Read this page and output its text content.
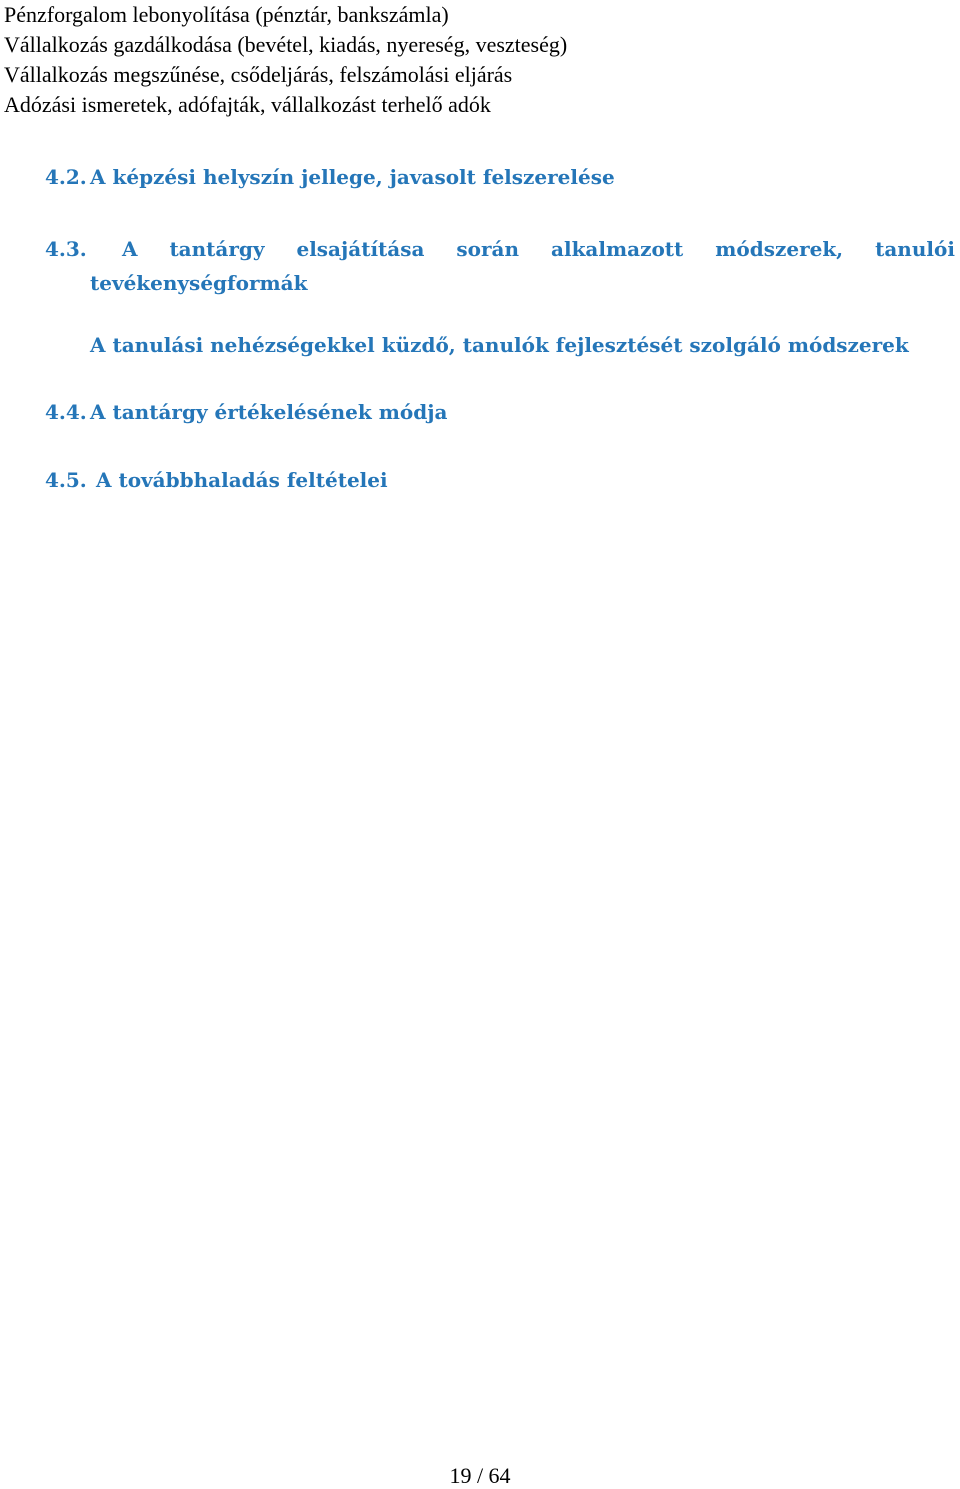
Pénzforgalom lebonyolítása (pénztár, bankszámla)
Vállalkozás gazdálkodása (bevétel, kiadás, nyereség, veszteség)
Vállalkozás megszűnése, csődeljárás, felszámolási eljárás
Adózási ismeretek, adófajták, vállalkozást terhelő adók
4.2. A képzési helyszín jellege, javasolt felszerelése
4.3. A tantárgy elsajátítása során alkalmazott módszerek, tanulói
tevékenységformák
A tanulási nehézségekkel küzdő, tanulók fejlesztését szolgáló módszerek
4.4. A tantárgy értékelésének módja
4.5. A továbbhaladás feltételei
19 / 64
